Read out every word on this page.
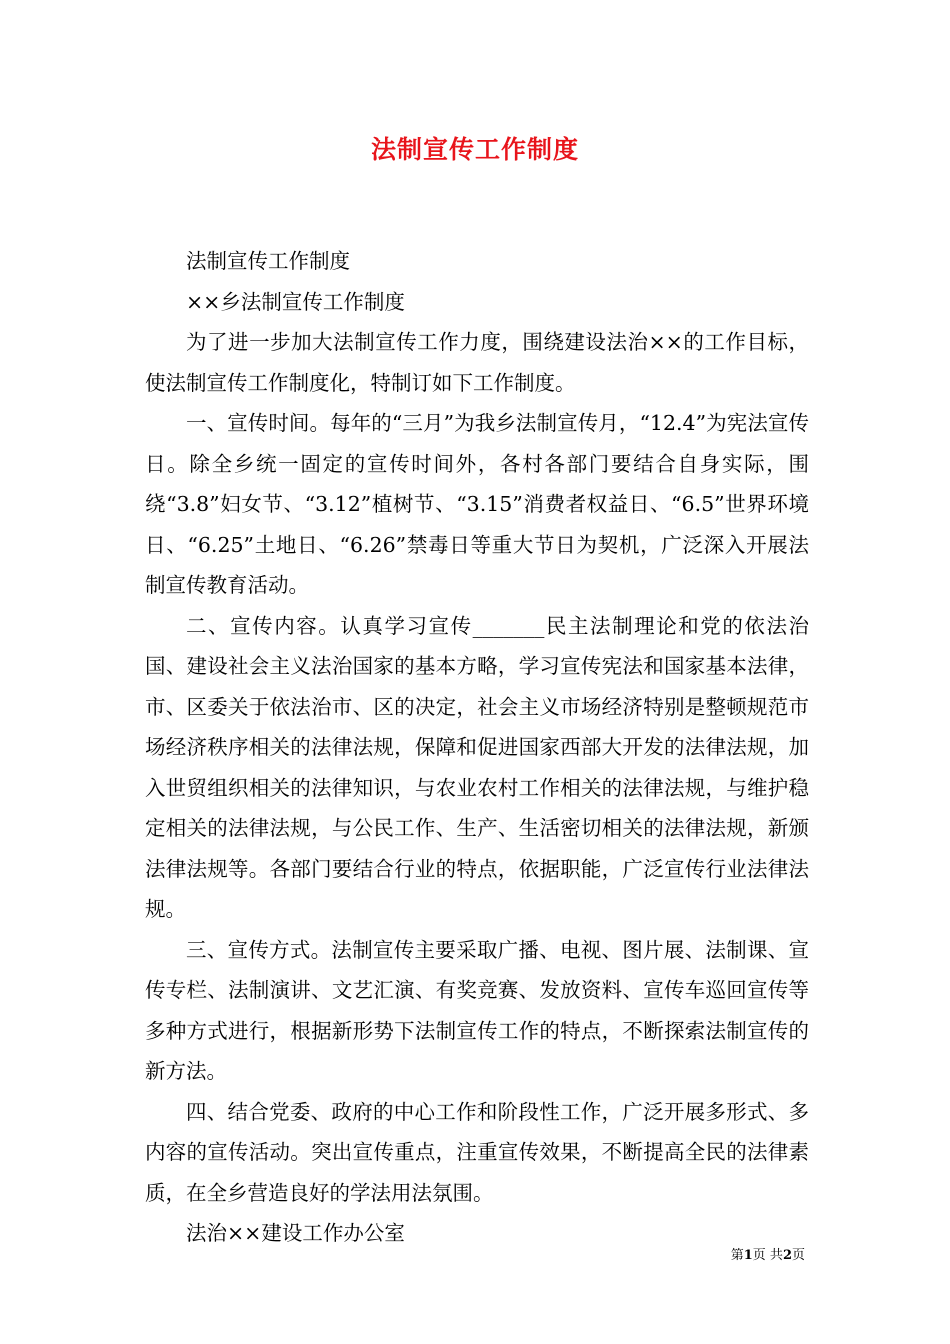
法制宣传工作制度

法制宣传工作制度

××乡法制宣传工作制度

为了进一步加大法制宣传工作力度，围绕建设法治××的工作目标，使法制宣传工作制度化，特制订如下工作制度。

一、宣传时间。每年的“三月”为我乡法制宣传月，“12.4”为宪法宣传日。除全乡统一固定的宣传时间外，各村各部门要结合自身实际，围绕“3.8”妇女节、“3.12”植树节、“3.15”消费者权益日、“6.5”世界环境日、“6.25”土地日、“6.26”禁毒日等重大节日为契机，广泛深入开展法制宣传教育活动。

二、宣传内容。认真学习宣传_______民主法制理论和党的依法治国、建设社会主义法治国家的基本方略，学习宣传宪法和国家基本法律，市、区委关于依法治市、区的决定，社会主义市场经济特别是整顿规范市场经济秩序相关的法律法规，保障和促进国家西部大开发的法律法规，加入世贸组织相关的法律知识，与农业农村工作相关的法律法规，与维护稳定相关的法律法规，与公民工作、生产、生活密切相关的法律法规，新颁法律法规等。各部门要结合行业的特点，依据职能，广泛宣传行业法律法规。

三、宣传方式。法制宣传主要采取广播、电视、图片展、法制课、宣传专栏、法制演讲、文艺汇演、有奖竞赛、发放资料、宣传车巡回宣传等多种方式进行，根据新形势下法制宣传工作的特点，不断探索法制宣传的新方法。

四、结合党委、政府的中心工作和阶段性工作，广泛开展多形式、多内容的宣传活动。突出宣传重点，注重宣传效果，不断提高全民的法律素质，在全乡营造良好的学法用法氛围。

法治××建设工作办公室

第1页 共2页
